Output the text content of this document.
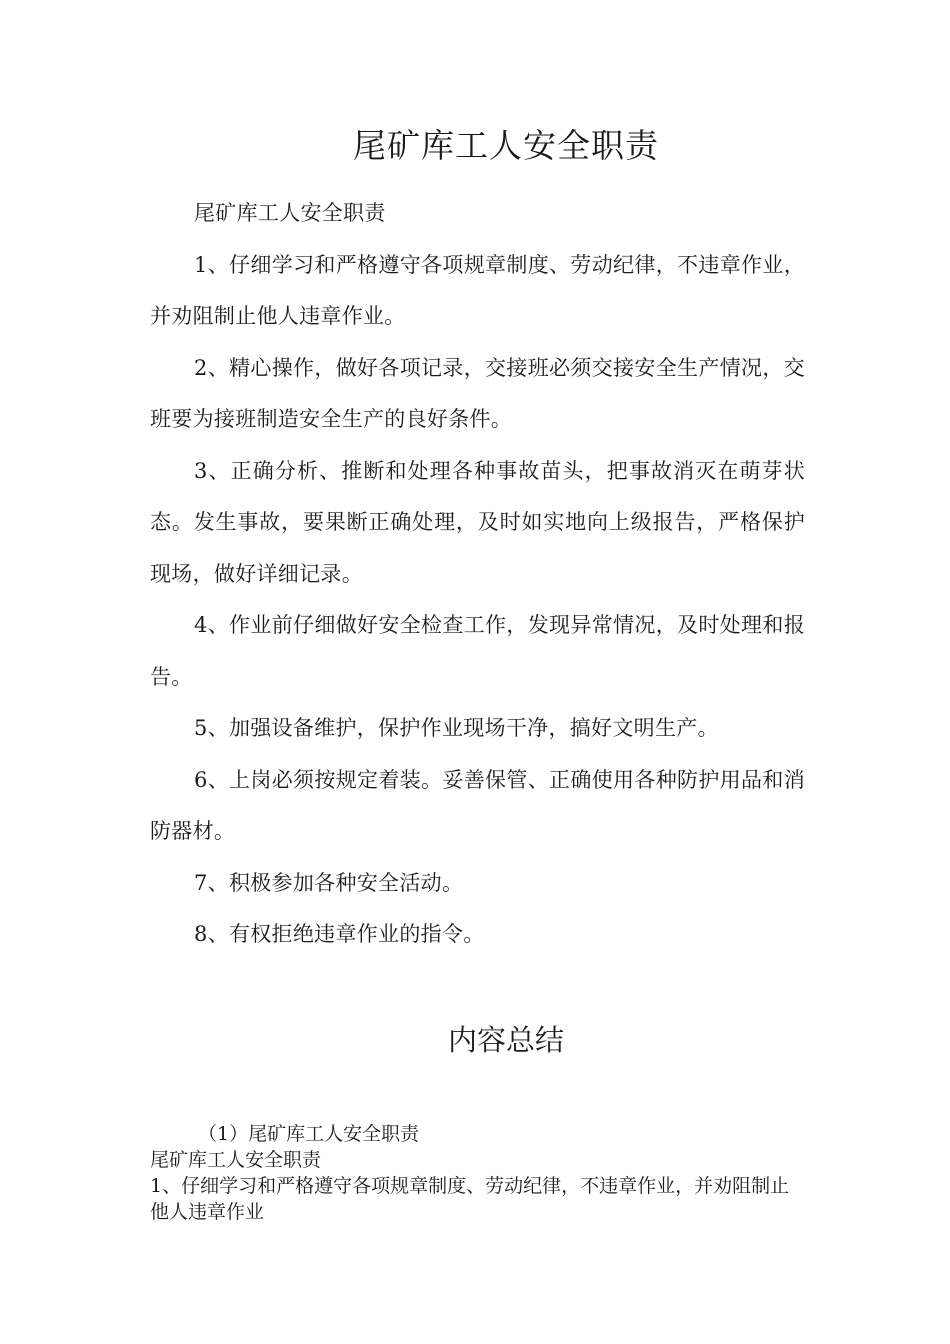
尾矿库工人安全职责

尾矿库工人安全职责

1、仔细学习和严格遵守各项规章制度、劳动纪律，不违章作业，并劝阻制止他人违章作业。

2、精心操作，做好各项记录，交接班必须交接安全生产情况，交班要为接班制造安全生产的良好条件。

3、正确分析、推断和处理各种事故苗头，把事故消灭在萌芽状态。发生事故，要果断正确处理，及时如实地向上级报告，严格保护现场，做好详细记录。

4、作业前仔细做好安全检查工作，发现异常情况，及时处理和报告。

5、加强设备维护，保护作业现场干净，搞好文明生产。

6、上岗必须按规定着装。妥善保管、正确使用各种防护用品和消防器材。

7、积极参加各种安全活动。

8、有权拒绝违章作业的指令。

内容总结
（1）尾矿库工人安全职责
尾矿库工人安全职责
1、仔细学习和严格遵守各项规章制度、劳动纪律，不违章作业，并劝阻制止他人违章作业
